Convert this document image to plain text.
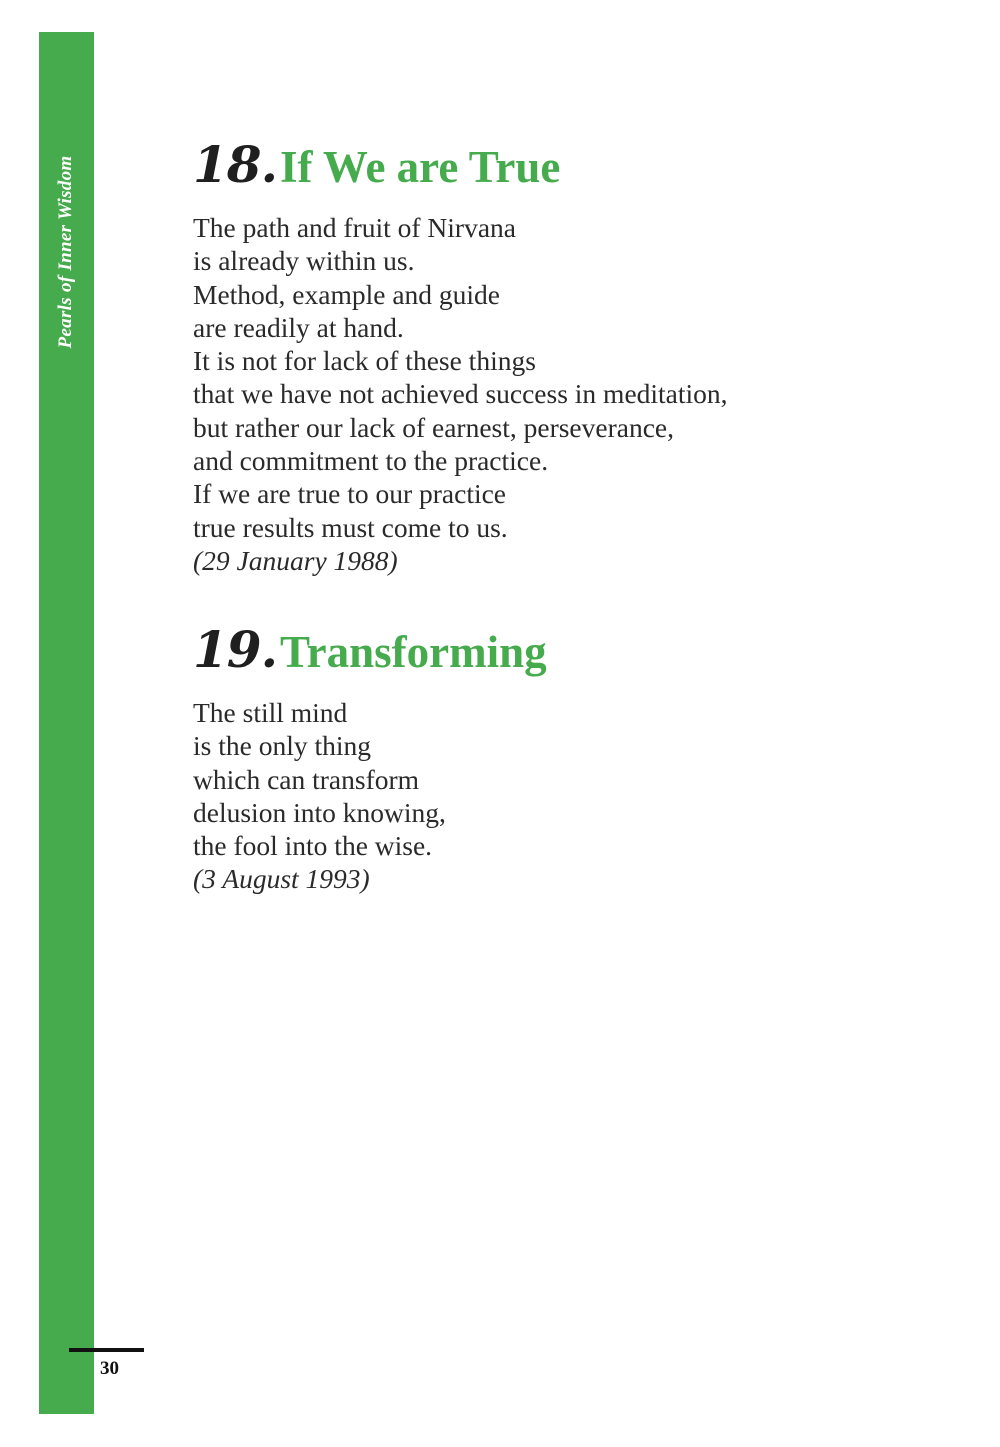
Pearls of Inner Wisdom
30
18. If We are True
The path and fruit of Nirvana
is already within us.
Method, example and guide
are readily at hand.
It is not for lack of these things
that we have not achieved success in meditation,
but rather our lack of earnest, perseverance,
and commitment to the practice.
If we are true to our practice
true results must come to us.
(29 January 1988)
19. Transforming
The still mind
is the only thing
which can transform
delusion into knowing,
the fool into the wise.
(3 August 1993)
